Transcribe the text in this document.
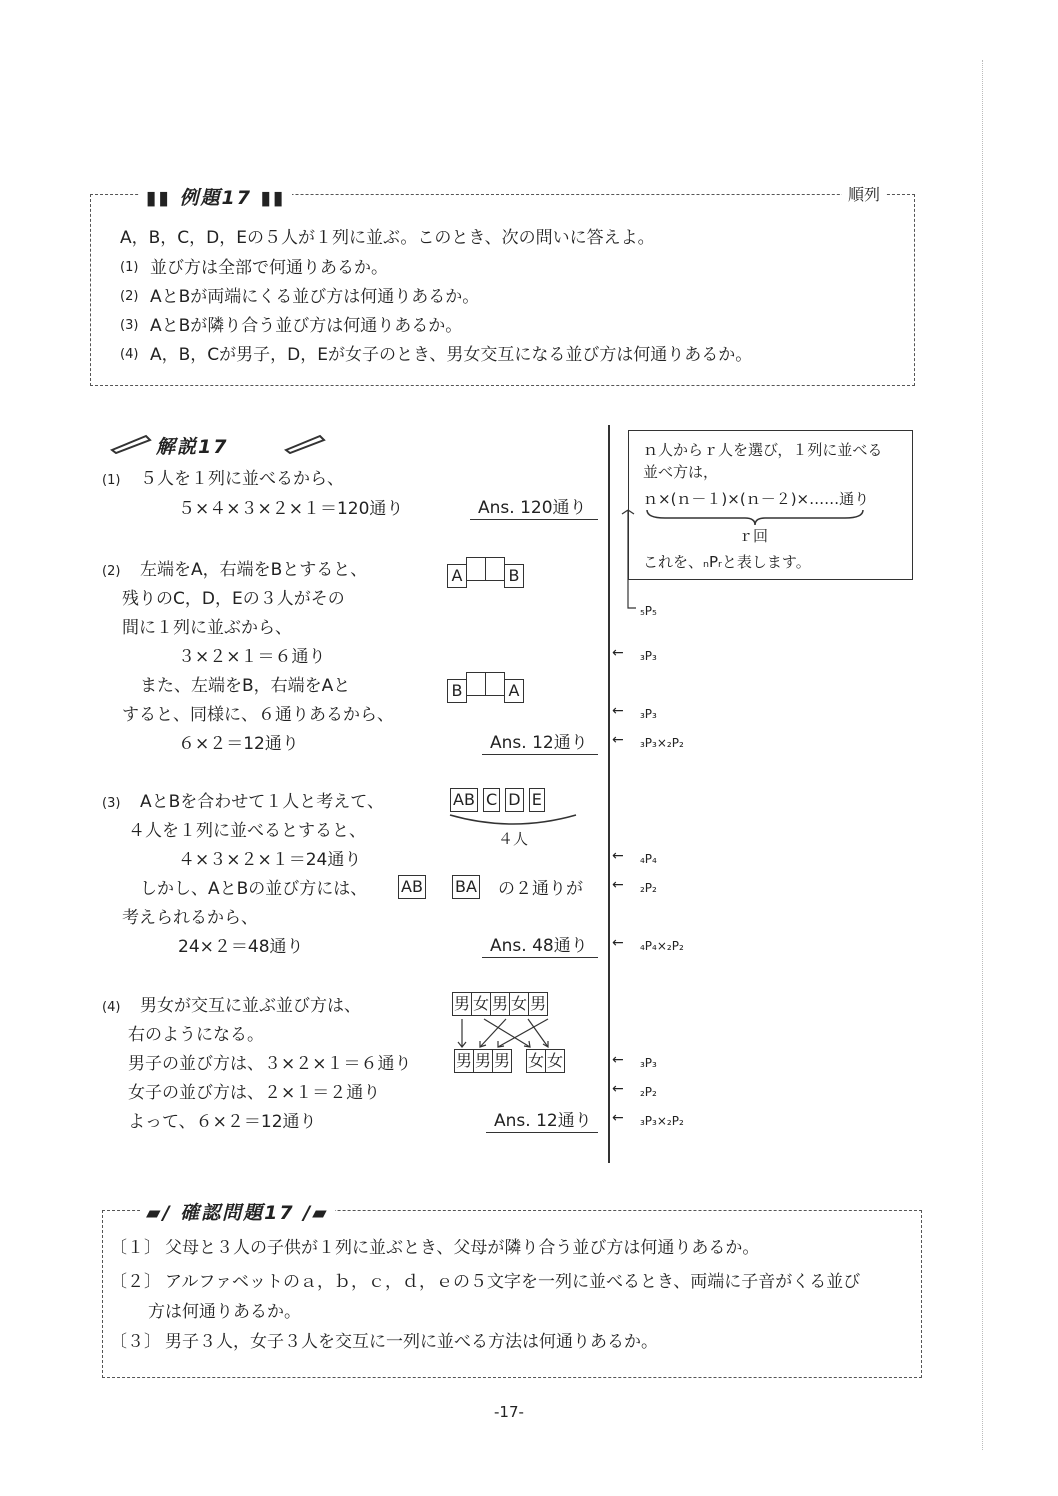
▮▮ 例題17 ▮▮	順列
A，B，C，D，Eの５人が１列に並ぶ。このとき、次の問いに答えよ。
(1) 並び方は全部で何通りあるか。
(2) AとBが両端にくる並び方は何通りあるか。
(3) AとBが隣り合う並び方は何通りあるか。
(4) A，B，Cが男子，D，Eが女子のとき、男女交互になる並び方は何通りあるか。
解説17	ｎ人からｒ人を選び，１列に並べる
並べ方は，
ｎ×(ｎ－１)×(ｎ－２)×……通り
ｒ回
これを、ₙPᵣと表します。
(1) ５人を１列に並べるから、
５×４×３×２×１＝120通り	Ans. 120通り
₅P₅
(2) 左端をA，右端をBとすると、
残りのC，D，Eの３人がその
間に１列に並ぶから、
３×２×１＝６通り
また、左端をB，右端をAと
すると、同様に、６通りあるから、
６×２＝12通り	Ans. 12通り
A	B
B	A
← ₃P₃
← ₃P₃
← ₃P₃×₂P₂
(3) AとBを合わせて１人と考えて、
４人を１列に並べるとすると、
４×３×２×１＝24通り
しかし、AとBの並び方には、 AB BA の２通りが
考えられるから、
24×２＝48通り	Ans. 48通り
AB C D E
４人
← ₄P₄
← ₂P₂
← ₄P₄×₂P₂
(4) 男女が交互に並ぶ並び方は、
右のようになる。
男子の並び方は、３×２×１＝６通り
女子の並び方は、２×１＝２通り
よって、６×２＝12通り	Ans. 12通り
男 女 男 女 男
男 男 男 女 女	← ₃P₃
← ₂P₂
← ₃P₃×₂P₂
▰/ 確認問題17 /▰
〔１〕 父母と３人の子供が１列に並ぶとき、父母が隣り合う並び方は何通りあるか。
〔２〕 アルファベットのａ，ｂ，ｃ，ｄ，ｅの５文字を一列に並べるとき、両端に子音がくる並び
方は何通りあるか。
〔３〕 男子３人，女子３人を交互に一列に並べる方法は何通りあるか。
-17-
